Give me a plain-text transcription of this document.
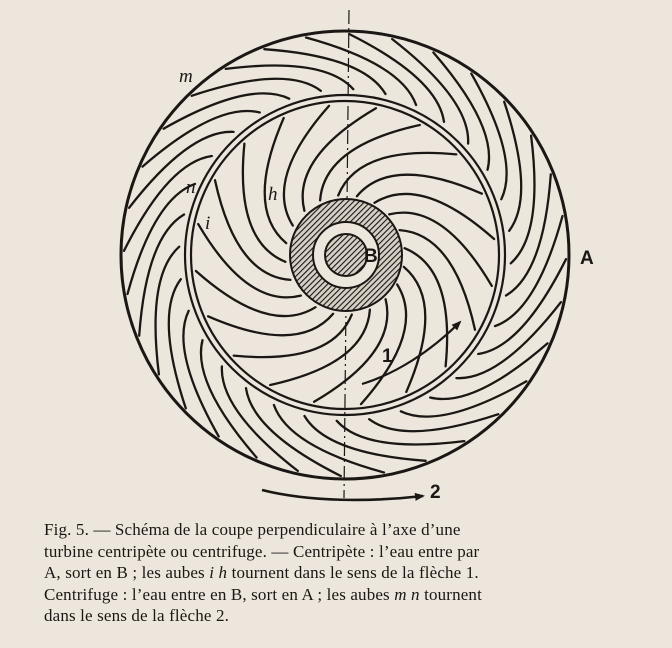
m
n
i
h
B	A
1
2
Fig. 5. — Schéma de la coupe perpendiculaire à l’axe d’une
turbine centripète ou centrifuge. — Centripète : l’eau entre par
A, sort en B ; les aubes i h tournent dans le sens de la flèche 1.
Centrifuge : l’eau entre en B, sort en A ; les aubes m n tournent
dans le sens de la flèche 2.
